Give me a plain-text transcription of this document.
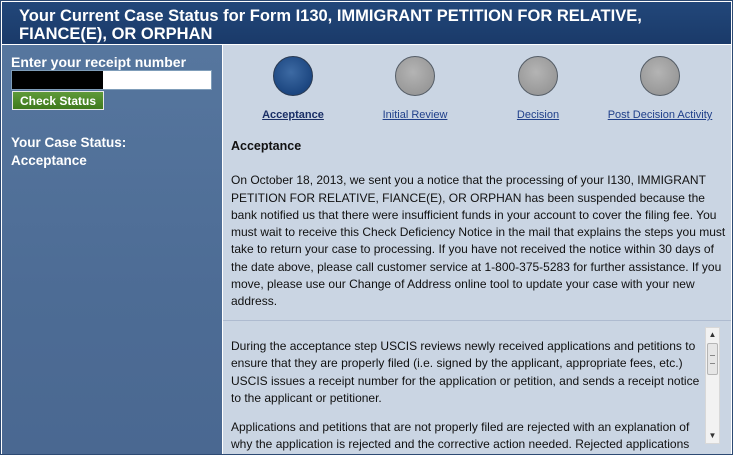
Your Current Case Status for Form I130, IMMIGRANT PETITION FOR RELATIVE,
FIANCE(E), OR ORPHAN
Enter your receipt number
Check Status
Your Case Status:
Acceptance
Acceptance	Initial Review	Decision	Post Decision Activity
Acceptance

On October 18, 2013, we sent you a notice that the processing of your I130, IMMIGRANT PETITION FOR RELATIVE, FIANCE(E), OR ORPHAN has been suspended because the bank notified us that there were insufficient funds in your account to cover the filing fee. You must wait to receive this Check Deficiency Notice in the mail that explains the steps you must take to return your case to processing. If you have not received the notice within 30 days of the date above, please call customer service at 1-800-375-5283 for further assistance. If you move, please use our Change of Address online tool to update your case with your new address.

During the acceptance step USCIS reviews newly received applications and petitions to ensure that they are properly filed (i.e. signed by the applicant, appropriate fees, etc.) USCIS issues a receipt number for the application or petition, and sends a receipt notice to the applicant or petitioner.

Applications and petitions that are not properly filed are rejected with an explanation of why the application is rejected and the corrective action needed. Rejected applications

▲
▼
